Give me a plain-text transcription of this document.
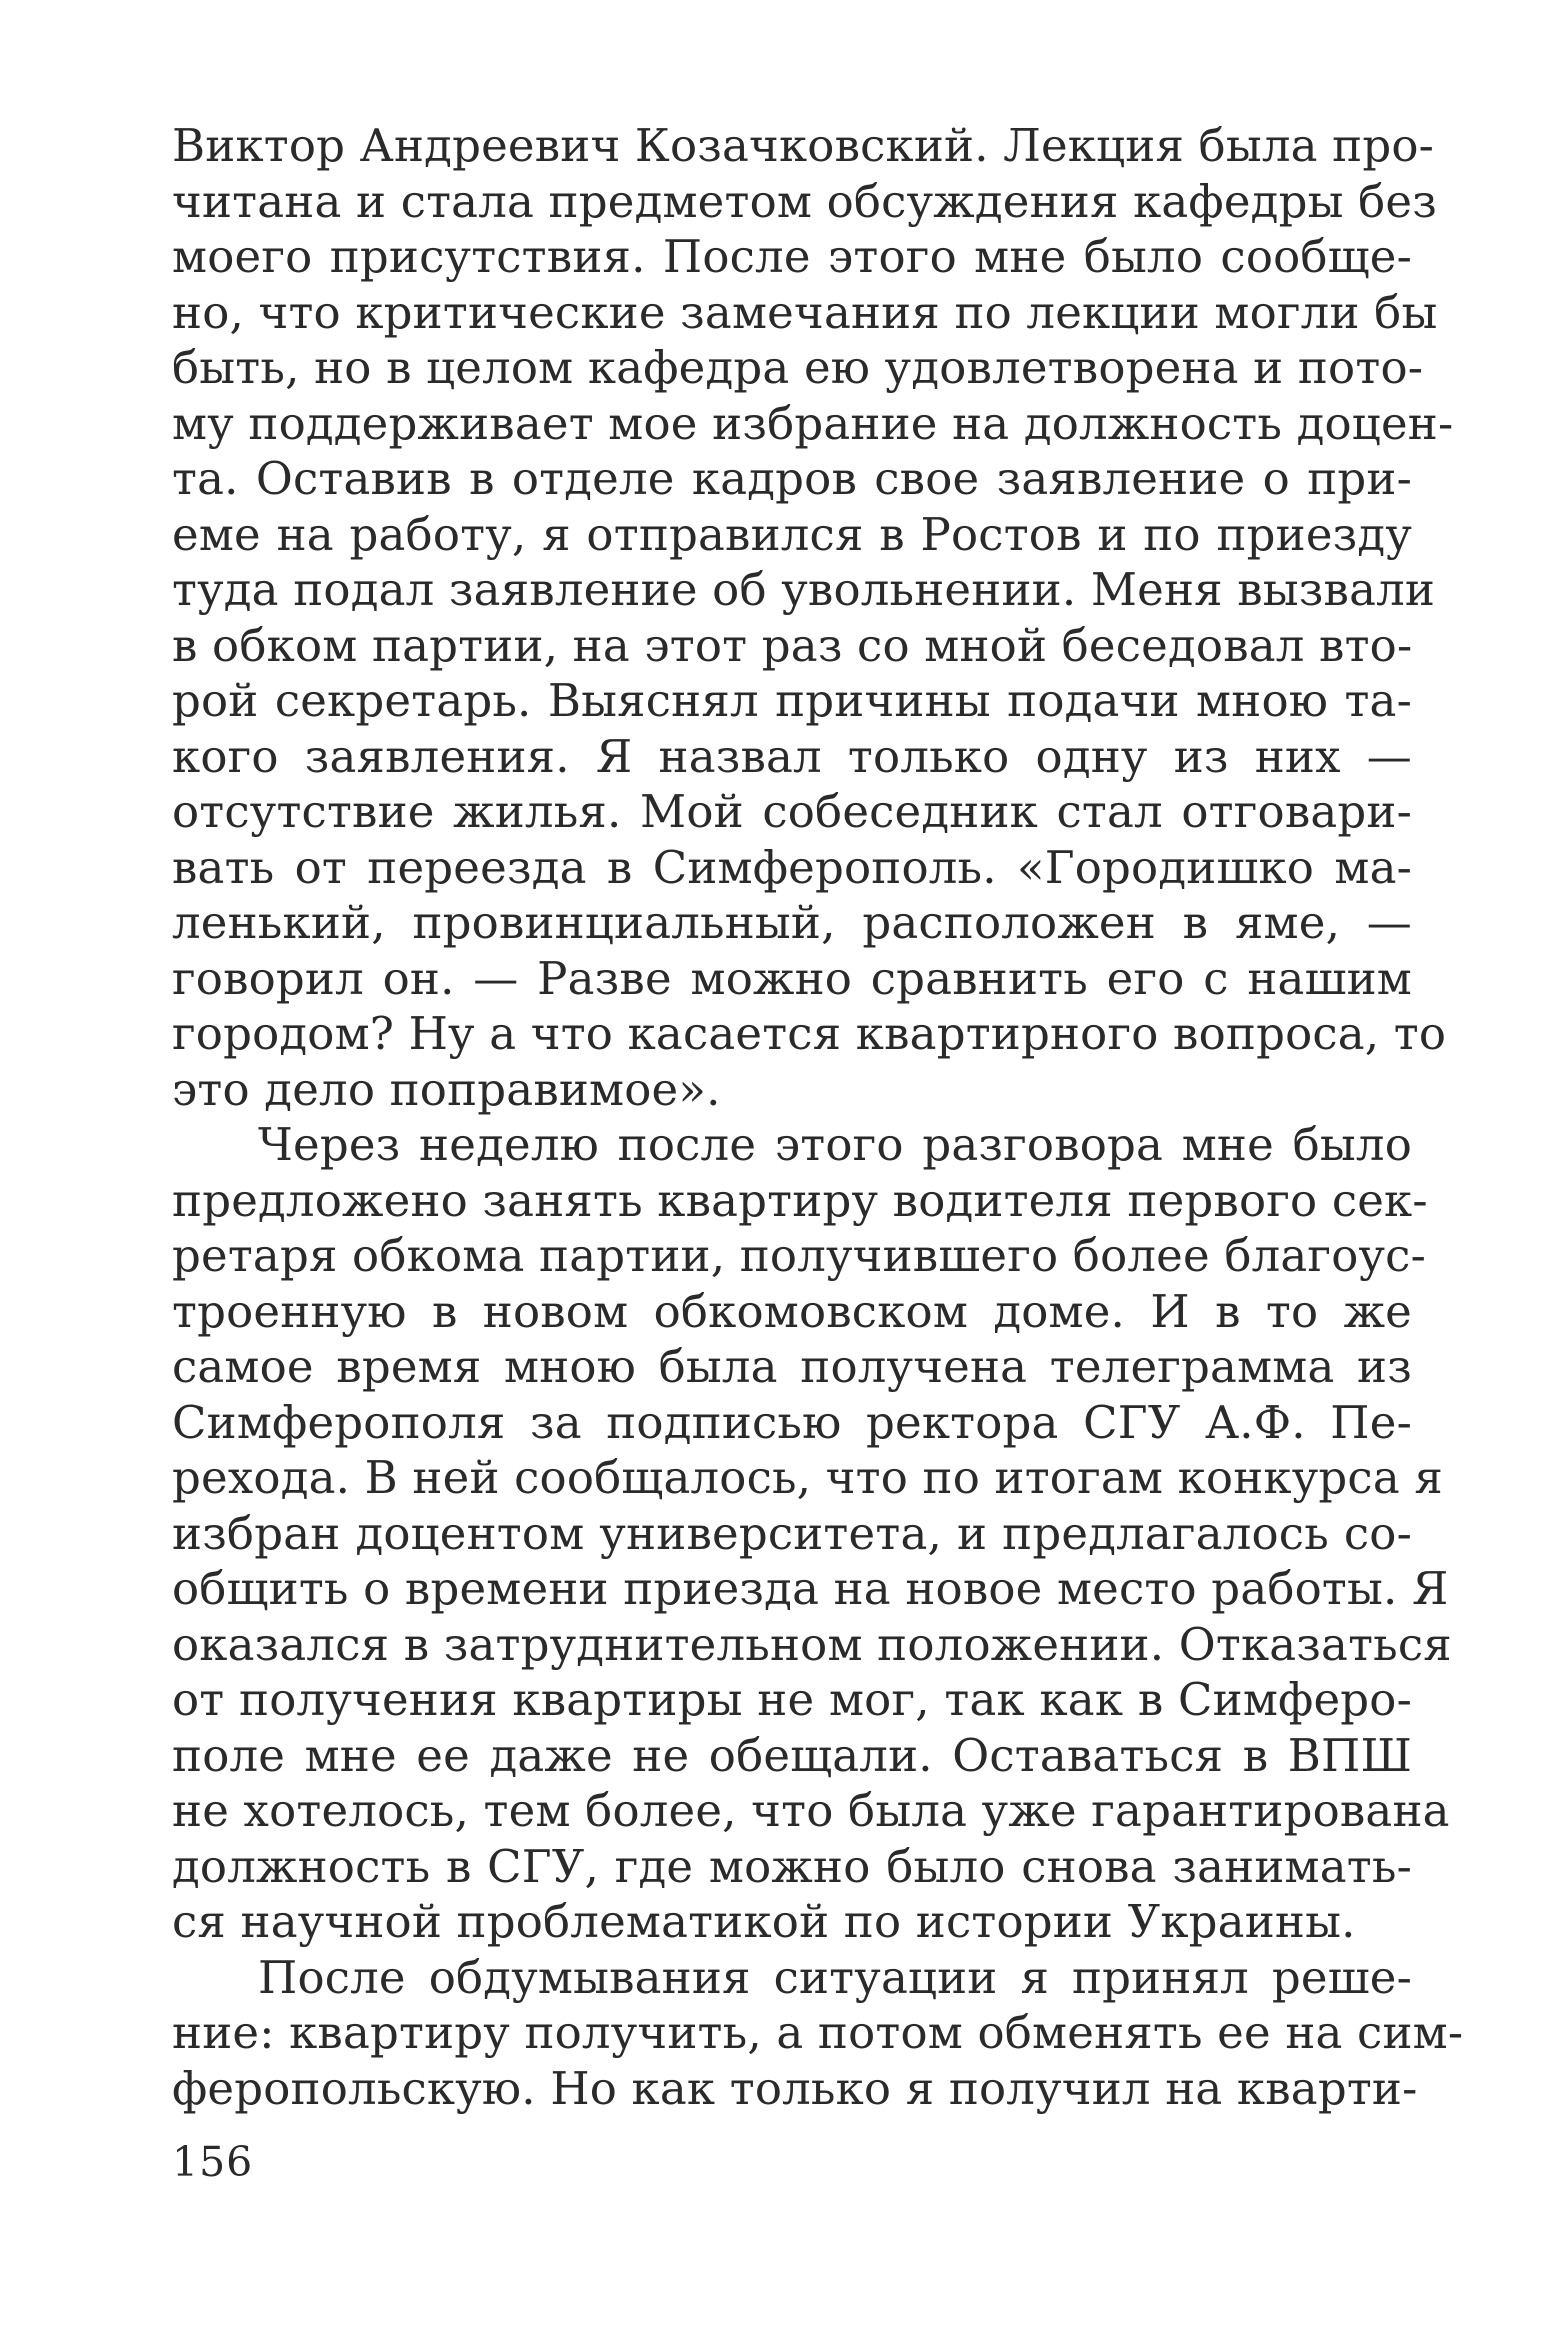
Виктор Андреевич Козачковский. Лекция была про-
читана и стала предметом обсуждения кафедры без
моего присутствия. После этого мне было сообще-
но, что критические замечания по лекции могли бы
быть, но в целом кафедра ею удовлетворена и пото-
му поддерживает мое избрание на должность доцен-
та. Оставив в отделе кадров свое заявление о при-
еме на работу, я отправился в Ростов и по приезду
туда подал заявление об увольнении. Меня вызвали
в обком партии, на этот раз со мной беседовал вто-
рой секретарь. Выяснял причины подачи мною та-
кого заявления. Я назвал только одну из них —
отсутствие жилья. Мой собеседник стал отговари-
вать от переезда в Симферополь. «Городишко ма-
ленький, провинциальный, расположен в яме, —
говорил он. — Разве можно сравнить его с нашим
городом? Ну а что касается квартирного вопроса, то
это дело поправимое».
Через неделю после этого разговора мне было
предложено занять квартиру водителя первого сек-
ретаря обкома партии, получившего более благоус-
троенную в новом обкомовском доме. И в то же
самое время мною была получена телеграмма из
Симферополя за подписью ректора СГУ А.Ф. Пе-
рехода. В ней сообщалось, что по итогам конкурса я
избран доцентом университета, и предлагалось со-
общить о времени приезда на новое место работы. Я
оказался в затруднительном положении. Отказаться
от получения квартиры не мог, так как в Симферо-
поле мне ее даже не обещали. Оставаться в ВПШ
не хотелось, тем более, что была уже гарантирована
должность в СГУ, где можно было снова занимать-
ся научной проблематикой по истории Украины.
После обдумывания ситуации я принял реше-
ние: квартиру получить, а потом обменять ее на сим-
феропольскую. Но как только я получил на кварти-
156
